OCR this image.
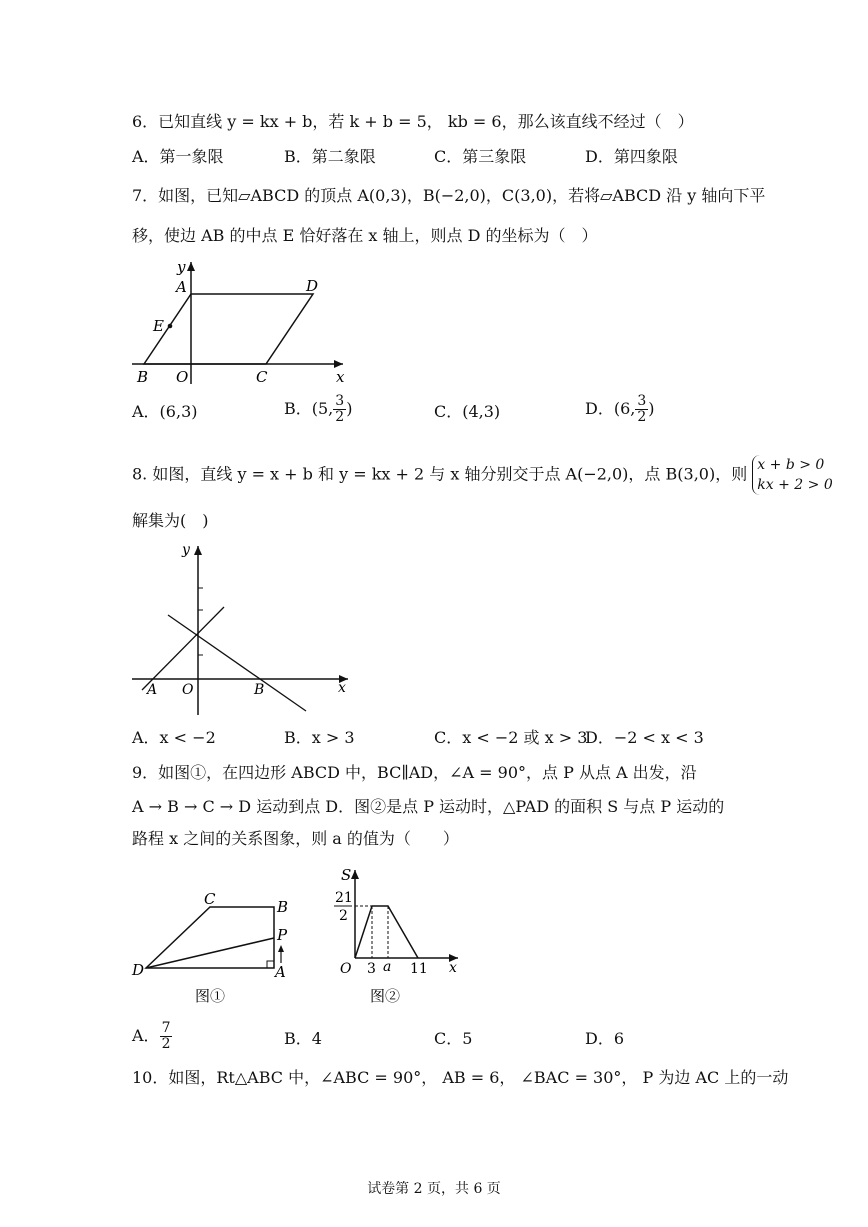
6．已知直线 y = kx + b，若 k + b = 5， kb = 6，那么该直线不经过（　）
A．第一象限	B．第二象限	C．第三象限	D．第四象限
7．如图，已知▱ABCD 的顶点 A(0,3)，B(−2,0)，C(3,0)，若将▱ABCD 沿 y 轴向下平
移，使边 AB 的中点 E 恰好落在 x 轴上，则点 D 的坐标为（　）
y
A	D
E
B O	C	x
A．(6,3)	B．(5, $\frac{3}{2}$ )	C．(4,3)	D．(6, $\frac{3}{2}$ )
8. 如图，直线 y = x + b 和 y = kx + 2 与 x 轴分别交于点 A(−2,0)，点 B(3,0)，则 x + b > 0
kx + 2 > 0
解集为(　)
y
A O	B	x
A．x < −2	B．x > 3	C．x < −2 或 x > 3
D．−2 < x < 3
9．如图①，在四边形 ABCD 中，BC∥AD，∠A = 90°，点 P 从点 A 出发，沿
A → B → C → D 运动到点 D．图②是点 P 运动时，△PAD 的面积 S 与点 P 运动的
路程 x 之间的关系图象，则 a 的值为（　　）
C	B
P
D	A
图①
S
21
2
O 3 a 11 x
图②
A． $\frac{7}{2}$	B．4	C．5	D．6
10．如图，Rt△ABC 中，∠ABC = 90°， AB = 6， ∠BAC = 30°， P 为边 AC 上的一动
试卷第 2 页，共 6 页
